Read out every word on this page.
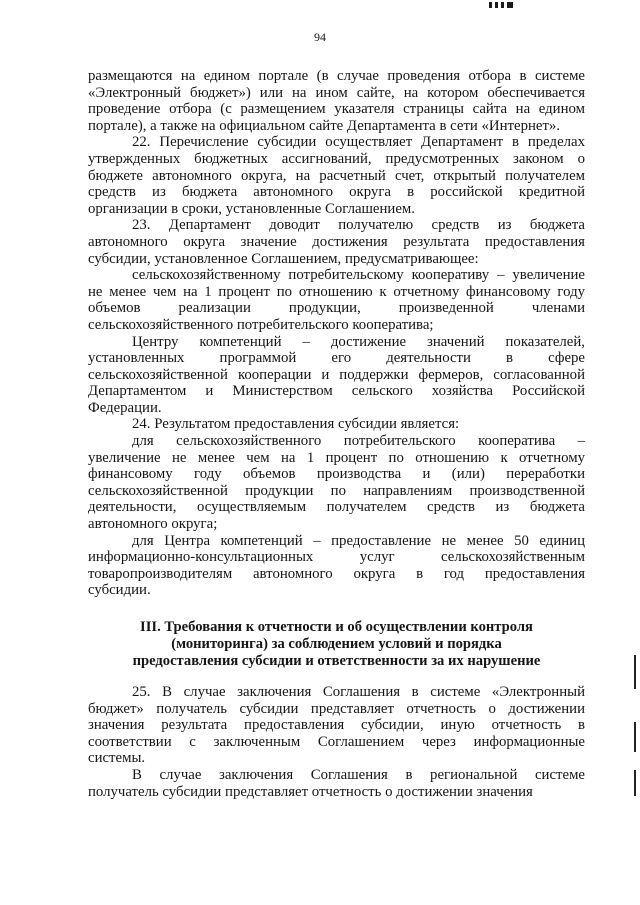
94
размещаются на едином портале (в случае проведения отбора в системе
«Электронный бюджет») или на ином сайте, на котором обеспечивается
проведение отбора (с размещением указателя страницы сайта на едином
портале), а также на официальном сайте Департамента в сети «Интернет».
22. Перечисление субсидии осуществляет Департамент в пределах
утвержденных бюджетных ассигнований, предусмотренных законом о
бюджете автономного округа, на расчетный счет, открытый получателем
средств из бюджета автономного округа в российской кредитной
организации в сроки, установленные Соглашением.
23. Департамент доводит получателю средств из бюджета
автономного округа значение достижения результата предоставления
субсидии, установленное Соглашением, предусматривающее:
сельскохозяйственному потребительскому кооперативу – увеличение
не менее чем на 1 процент по отношению к отчетному финансовому году
объемов реализации продукции, произведенной членами
сельскохозяйственного потребительского кооператива;
Центру компетенций – достижение значений показателей,
установленных программой его деятельности в сфере
сельскохозяйственной кооперации и поддержки фермеров, согласованной
Департаментом и Министерством сельского хозяйства Российской
Федерации.
24. Результатом предоставления субсидии является:
для сельскохозяйственного потребительского кооператива –
увеличение не менее чем на 1 процент по отношению к отчетному
финансовому году объемов производства и (или) переработки
сельскохозяйственной продукции по направлениям производственной
деятельности, осуществляемым получателем средств из бюджета
автономного округа;
для Центра компетенций – предоставление не менее 50 единиц
информационно-консультационных услуг сельскохозяйственным
товаропроизводителям автономного округа в год предоставления
субсидии.
III. Требования к отчетности и об осуществлении контроля
(мониторинга) за соблюдением условий и порядка
предоставления субсидии и ответственности за их нарушение
25. В случае заключения Соглашения в системе «Электронный
бюджет» получатель субсидии представляет отчетность о достижении
значения результата предоставления субсидии, иную отчетность в
соответствии с заключенным Соглашением через информационные
системы.
В случае заключения Соглашения в региональной системе
получатель субсидии представляет отчетность о достижении значения
